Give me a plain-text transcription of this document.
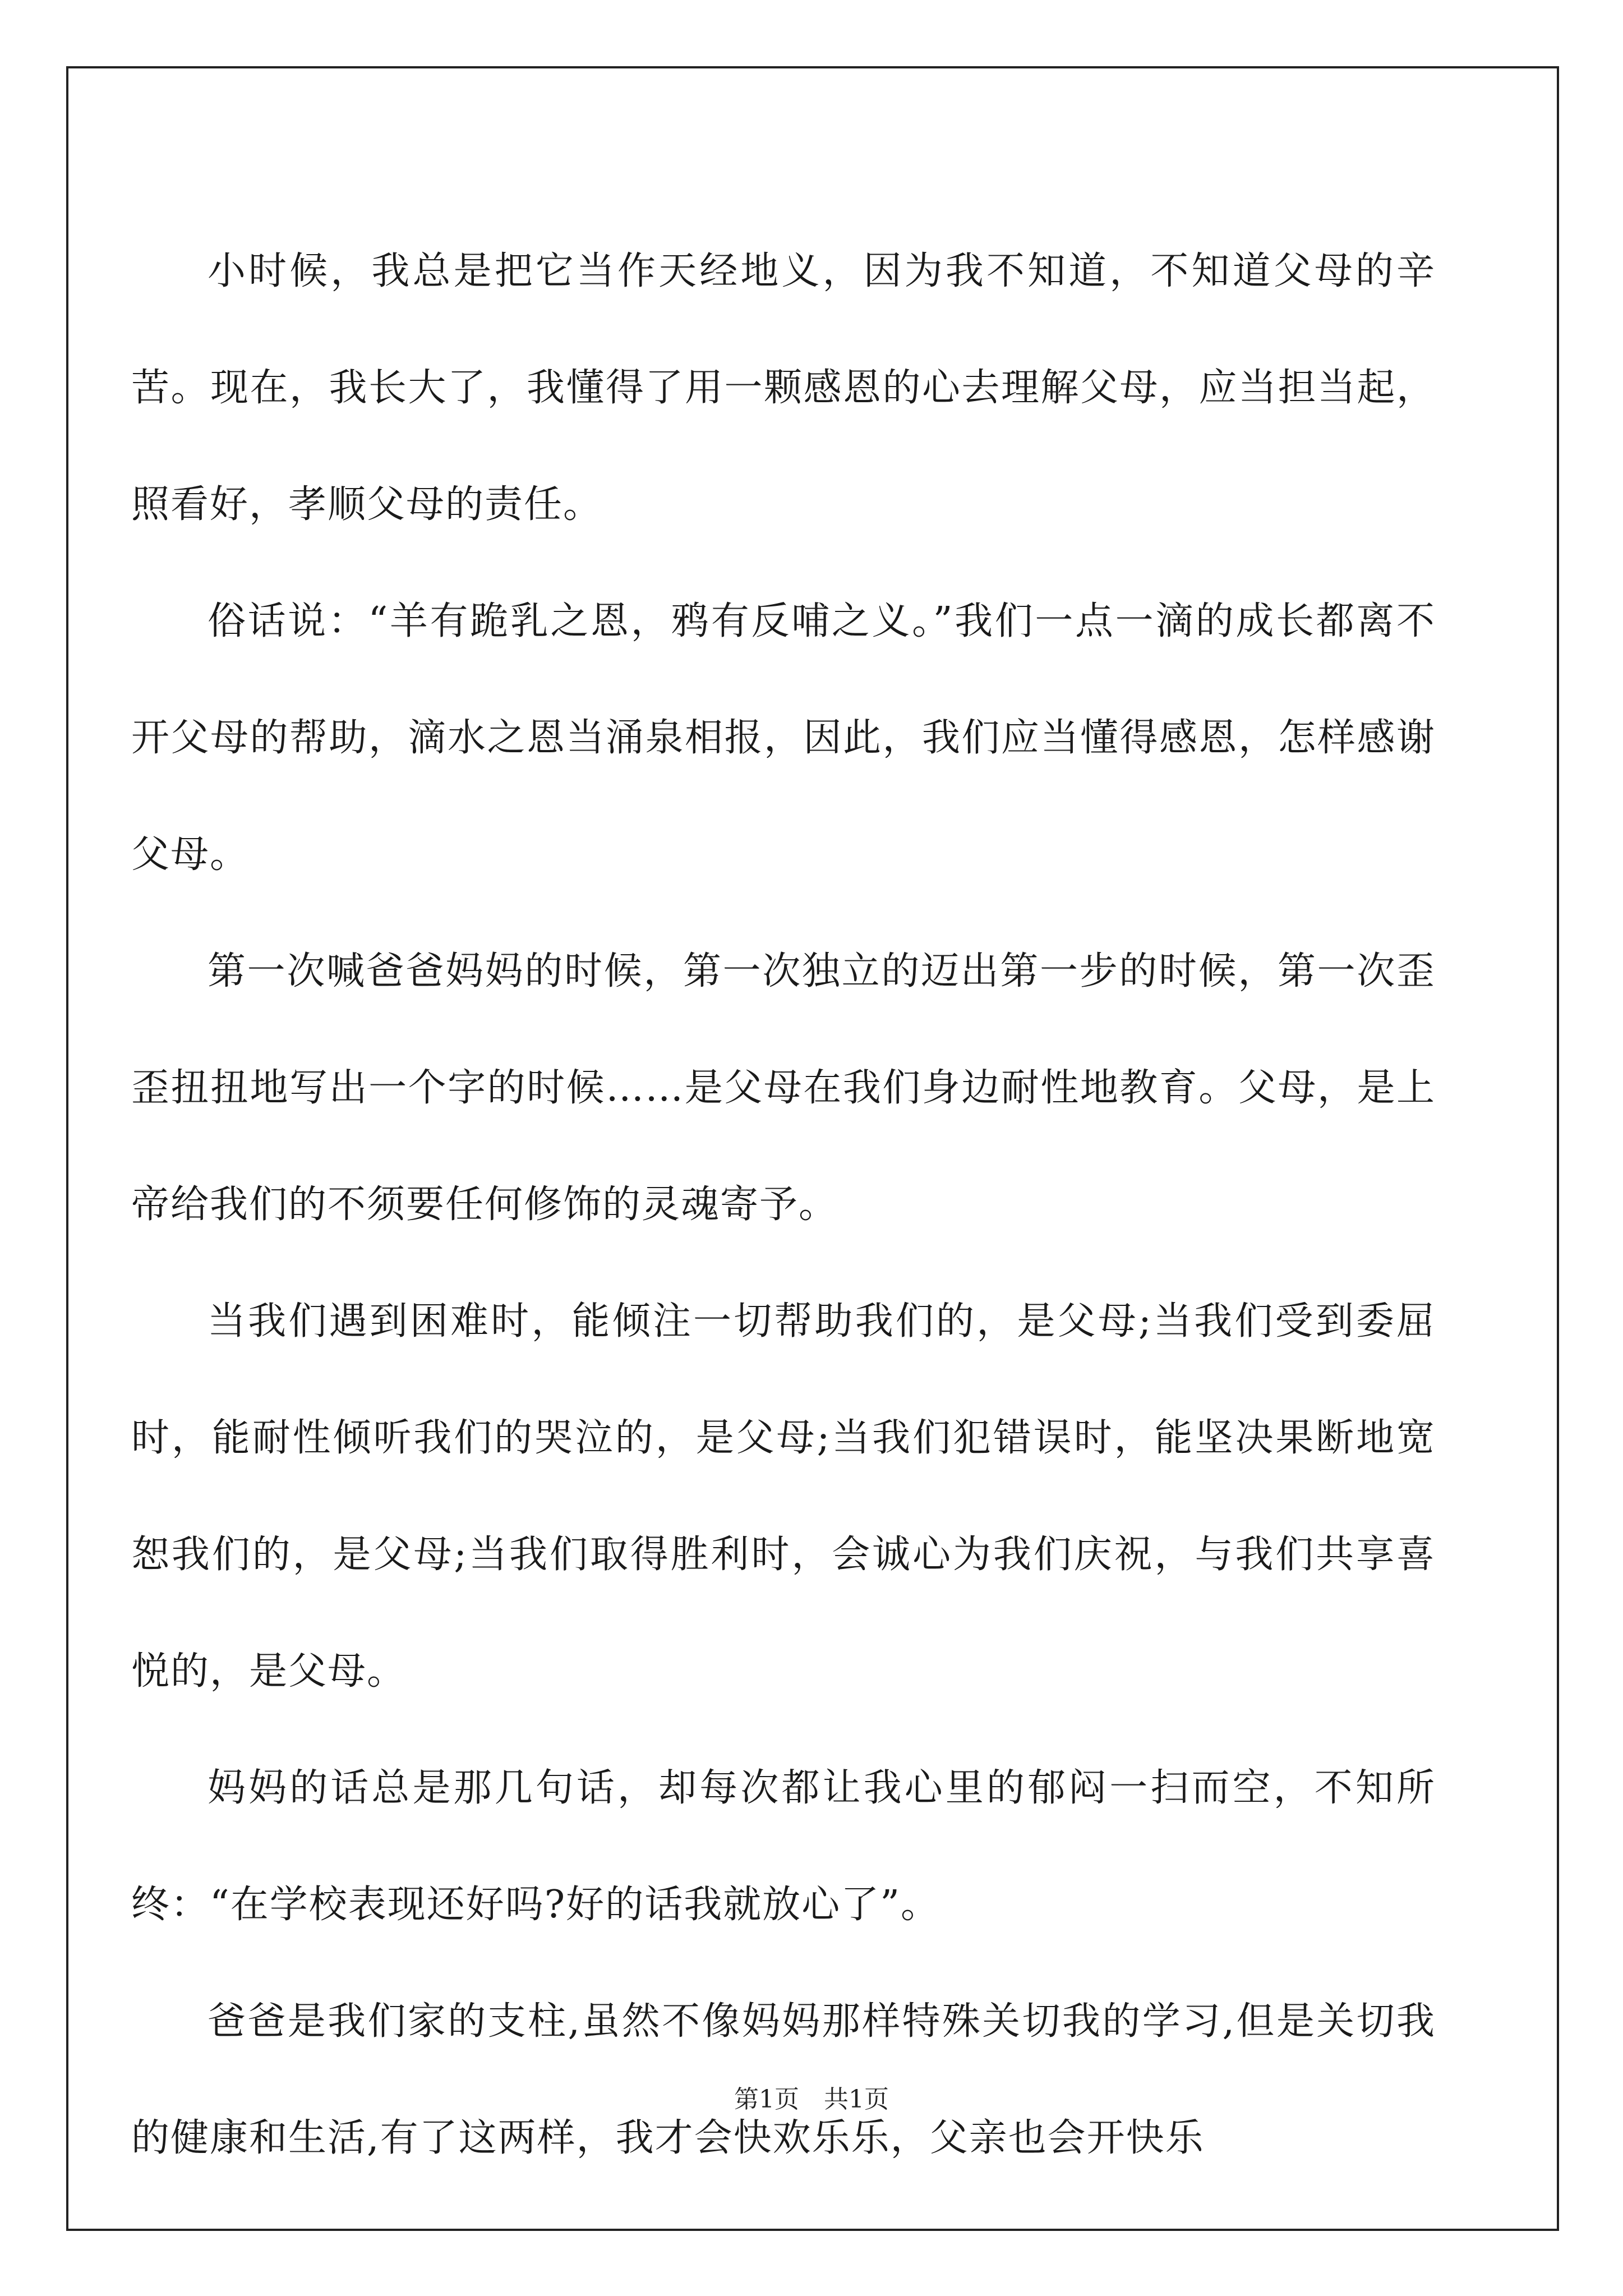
小时候，我总是把它当作天经地义，因为我不知道，不知道父母的辛苦。现在，我长大了，我懂得了用一颗感恩的心去理解父母，应当担当起，照看好，孝顺父母的责任。

俗话说：“羊有跪乳之恩，鸦有反哺之义。”我们一点一滴的成长都离不开父母的帮助，滴水之恩当涌泉相报，因此，我们应当懂得感恩，怎样感谢父母。

第一次喊爸爸妈妈的时候，第一次独立的迈出第一步的时候，第一次歪歪扭扭地写出一个字的时候……是父母在我们身边耐性地教育。父母，是上帝给我们的不须要任何修饰的灵魂寄予。

当我们遇到困难时，能倾注一切帮助我们的，是父母;当我们受到委屈时，能耐性倾听我们的哭泣的，是父母;当我们犯错误时，能坚决果断地宽恕我们的，是父母;当我们取得胜利时，会诚心为我们庆祝，与我们共享喜悦的，是父母。

妈妈的话总是那几句话，却每次都让我心里的郁闷一扫而空，不知所终：“在学校表现还好吗?好的话我就放心了”。

爸爸是我们家的支柱,虽然不像妈妈那样特殊关切我的学习,但是关切我的健康和生活,有了这两样，我才会快欢乐乐，父亲也会开快乐

第1页　共1页
